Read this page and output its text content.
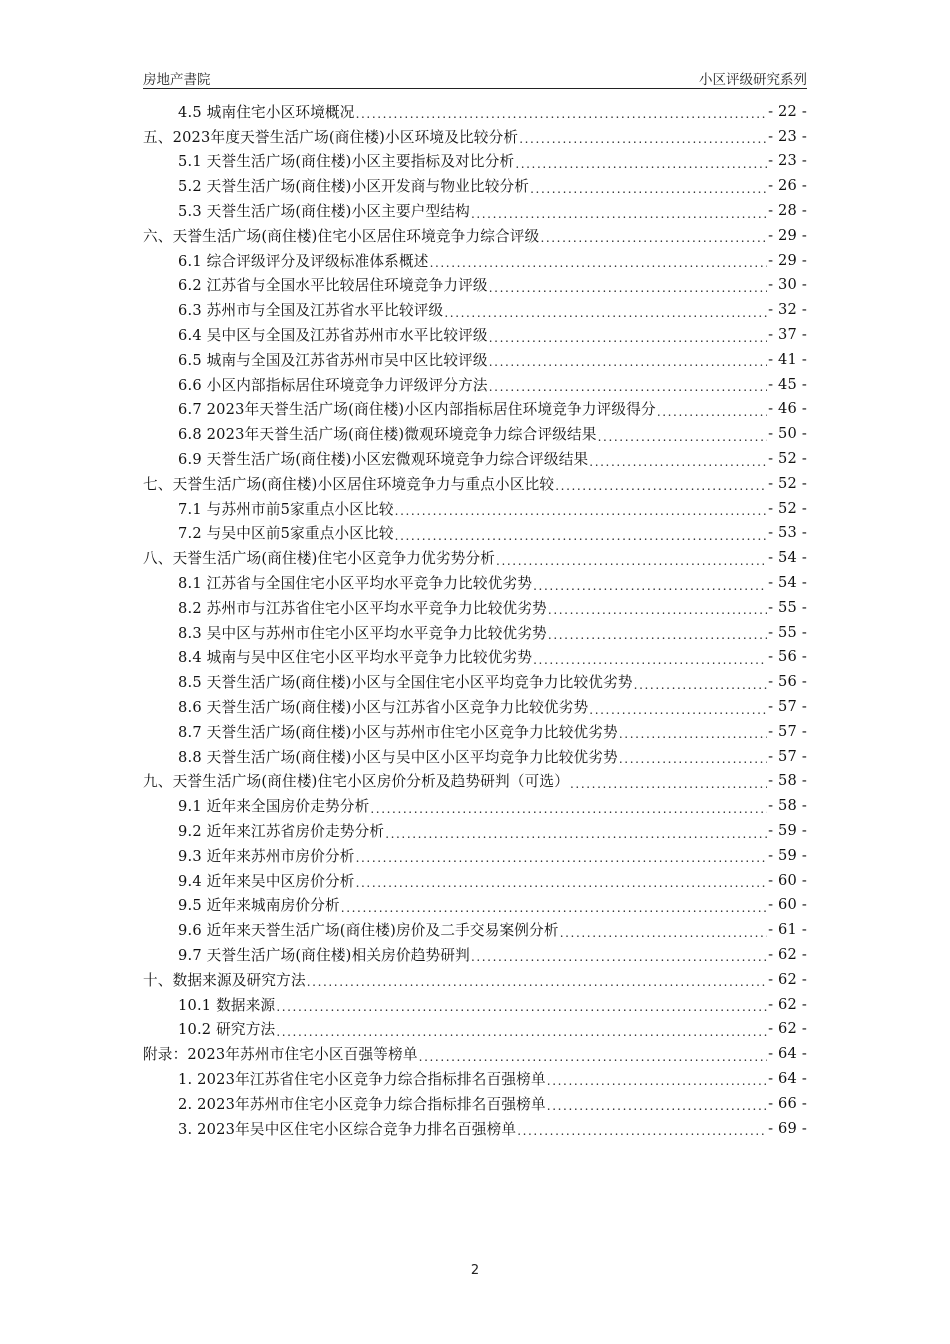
房地产書院	小区评级研究系列
4.5 城南住宅小区环境概况 .....	- 22 -
五、2023年度天誉生活广场(商住楼)小区环境及比较分析 .....	- 23 -
5.1 天誉生活广场(商住楼)小区主要指标及对比分析 .....	- 23 -
5.2 天誉生活广场(商住楼)小区开发商与物业比较分析 .....	- 26 -
5.3 天誉生活广场(商住楼)小区主要户型结构 .....	- 28 -
六、天誉生活广场(商住楼)住宅小区居住环境竞争力综合评级 .....	- 29 -
6.1 综合评级评分及评级标准体系概述 .....	- 29 -
6.2 江苏省与全国水平比较居住环境竞争力评级 .....	- 30 -
6.3 苏州市与全国及江苏省水平比较评级 .....	- 32 -
6.4 吴中区与全国及江苏省苏州市水平比较评级 .....	- 37 -
6.5 城南与全国及江苏省苏州市吴中区比较评级 .....	- 41 -
6.6 小区内部指标居住环境竞争力评级评分方法 .....	- 45 -
6.7 2023年天誉生活广场(商住楼)小区内部指标居住环境竞争力评级得分 .....	- 46 -
6.8 2023年天誉生活广场(商住楼)微观环境竞争力综合评级结果 .....	- 50 -
6.9 天誉生活广场(商住楼)小区宏微观环境竞争力综合评级结果 .....	- 52 -
七、天誉生活广场(商住楼)小区居住环境竞争力与重点小区比较 .....	- 52 -
7.1 与苏州市前5家重点小区比较 .....	- 52 -
7.2 与吴中区前5家重点小区比较 .....	- 53 -
八、天誉生活广场(商住楼)住宅小区竞争力优劣势分析 .....	- 54 -
8.1 江苏省与全国住宅小区平均水平竞争力比较优劣势 .....	- 54 -
8.2 苏州市与江苏省住宅小区平均水平竞争力比较优劣势 .....	- 55 -
8.3 吴中区与苏州市住宅小区平均水平竞争力比较优劣势 .....	- 55 -
8.4 城南与吴中区住宅小区平均水平竞争力比较优劣势 .....	- 56 -
8.5 天誉生活广场(商住楼)小区与全国住宅小区平均竞争力比较优劣势 .....	- 56 -
8.6 天誉生活广场(商住楼)小区与江苏省小区竞争力比较优劣势 .....	- 57 -
8.7 天誉生活广场(商住楼)小区与苏州市住宅小区竞争力比较优劣势 .....	- 57 -
8.8 天誉生活广场(商住楼)小区与吴中区小区平均竞争力比较优劣势 .....	- 57 -
九、天誉生活广场(商住楼)住宅小区房价分析及趋势研判（可选） .....	- 58 -
9.1 近年来全国房价走势分析 .....	- 58 -
9.2 近年来江苏省房价走势分析 .....	- 59 -
9.3 近年来苏州市房价分析 .....	- 59 -
9.4 近年来吴中区房价分析 .....	- 60 -
9.5 近年来城南房价分析 .....	- 60 -
9.6 近年来天誉生活广场(商住楼)房价及二手交易案例分析 .....	- 61 -
9.7 天誉生活广场(商住楼)相关房价趋势研判 .....	- 62 -
十、数据来源及研究方法 .....	- 62 -
10.1 数据来源 .....	- 62 -
10.2 研究方法 .....	- 62 -
附录：2023年苏州市住宅小区百强等榜单 .....	- 64 -
1. 2023年江苏省住宅小区竞争力综合指标排名百强榜单 .....	- 64 -
2. 2023年苏州市住宅小区竞争力综合指标排名百强榜单 .....	- 66 -
3. 2023年吴中区住宅小区综合竞争力排名百强榜单 .....	- 69 -
2
